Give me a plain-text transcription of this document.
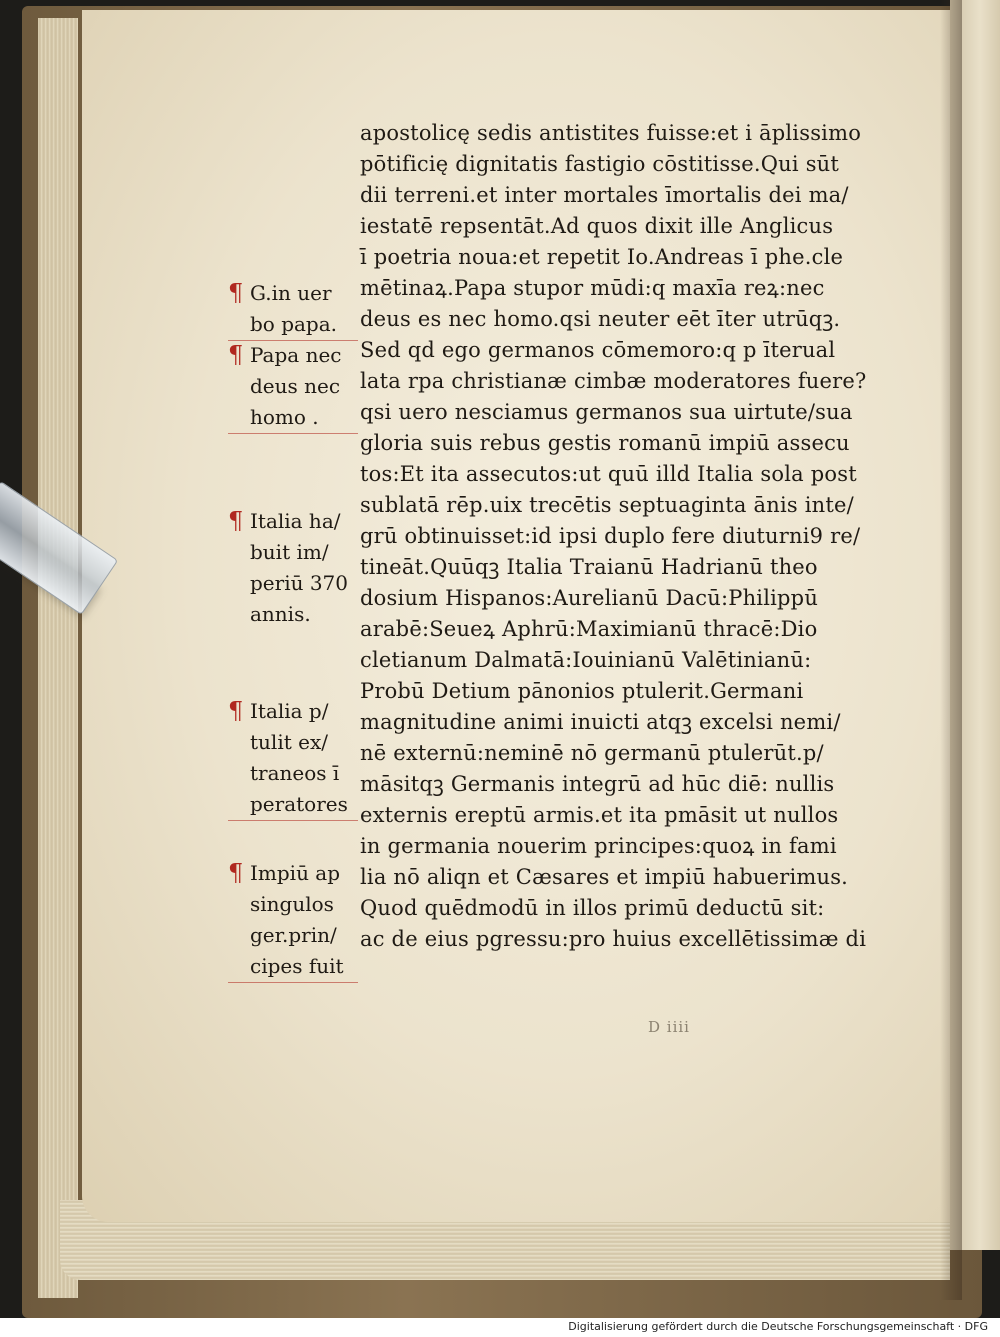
apostolicę sedis antistites fuisse:et i āplissimo
pōtificię dignitatis fastigio cōstitisse.Qui sūt
dii terreni.et inter mortales īmortalis dei ma/
iestatē repsentāt.Ad quos dixit ille Anglicus
ī poetria noua:et repetit Io.Andreas ī phe.cle
mētinaꝝ.Papa stupor mūdi:q maxīa reꝝ:nec
deus es nec homo.qsi neuter eēt īter utrūqꝫ.
Sed qd ego germanos cōmemoro:q p īterual
lata rpa christianæ cimbæ moderatores fuere?
qsi uero nesciamus germanos sua uirtute/sua
gloria suis rebus gestis romanū impiū assecu
tos:Et ita assecutos:ut quū illd Italia sola post
sublatā rēp.uix trecētis septuaginta ānis inte/
grū obtinuisset:id ipsi duplo fere diuturni9 re/
tineāt.Quūqꝫ Italia Traianū Hadrianū theo
dosium Hispanos:Aurelianū Dacū:Philippū
arabē:Seueꝝ Aphrū:Maximianū thracē:Dio
cletianum Dalmatā:Iouinianū Valētinianū:
Probū Detium pānonios ptulerit.Germani
magnitudine animi inuicti atqꝫ excelsi nemi/
nē externū:neminē nō germanū ptulerūt.p/
māsitqꝫ Germanis integrū ad hūc diē: nullis
externis ereptū armis.et ita pmāsit ut nullos
in germania nouerim principes:quoꝝ in fami
lia nō aliqn et Cæsares et impiū habuerimus.
Quod quēdmodū in illos primū deductū sit:
ac de eius pgressu:pro huius excellētissimæ di
¶ G.in uer
bo papa.
¶ Papa nec
deus nec
homo .
¶ Italia ha/
buit im/
periū 370
annis.
¶ Italia p/
tulit ex/
traneos ī
peratores
¶ Impiū ap
singulos
ger.prin/
cipes fuit
D iiii
Digitalisierung gefördert durch die Deutsche Forschungsgemeinschaft · DFG
